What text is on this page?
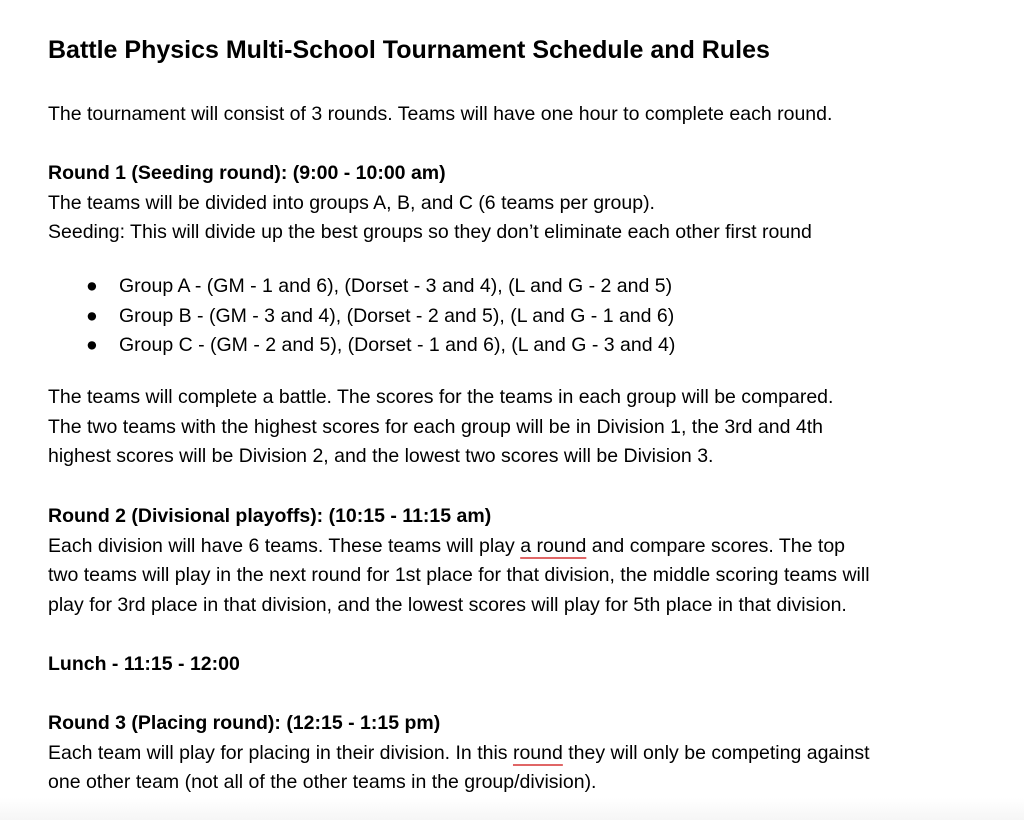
Battle Physics Multi-School Tournament Schedule and Rules

The tournament will consist of 3 rounds. Teams will have one hour to complete each round.

Round 1 (Seeding round): (9:00 - 10:00 am)
The teams will be divided into groups A, B, and C (6 teams per group).
Seeding: This will divide up the best groups so they don’t eliminate each other first round
● Group A - (GM - 1 and 6), (Dorset - 3 and 4), (L and G - 2 and 5)
● Group B - (GM - 3 and 4), (Dorset - 2 and 5), (L and G - 1 and 6)
● Group C - (GM - 2 and 5), (Dorset - 1 and 6), (L and G - 3 and 4)
The teams will complete a battle. The scores for the teams in each group will be compared.
The two teams with the highest scores for each group will be in Division 1, the 3rd and 4th
highest scores will be Division 2, and the lowest two scores will be Division 3.
Round 2 (Divisional playoffs): (10:15 - 11:15 am)
Each division will have 6 teams. These teams will play a round and compare scores. The top
two teams will play in the next round for 1st place for that division, the middle scoring teams will
play for 3rd place in that division, and the lowest scores will play for 5th place in that division.

Lunch - 11:15 - 12:00

Round 3 (Placing round): (12:15 - 1:15 pm)
Each team will play for placing in their division. In this round they will only be competing against
one other team (not all of the other teams in the group/division).
